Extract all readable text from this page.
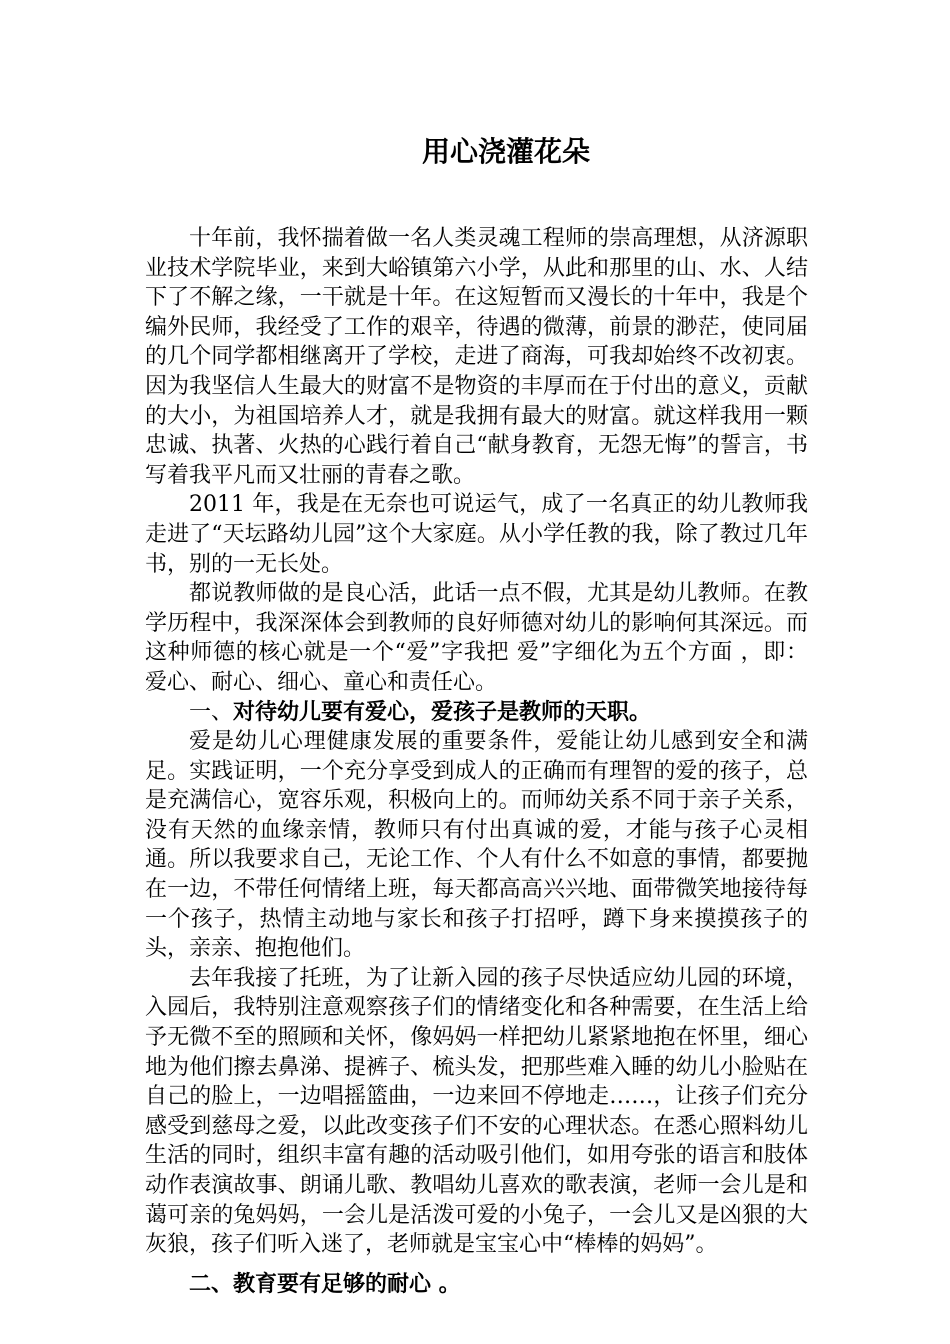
用心浇灌花朵

十年前，我怀揣着做一名人类灵魂工程师的崇高理想，从济源职业技术学院毕业，来到大峪镇第六小学，从此和那里的山、水、人结下了不解之缘，一干就是十年。在这短暂而又漫长的十年中，我是个编外民师，我经受了工作的艰辛，待遇的微薄，前景的渺茫，使同届的几个同学都相继离开了学校，走进了商海，可我却始终不改初衷。因为我坚信人生最大的财富不是物资的丰厚而在于付出的意义，贡献的大小，为祖国培养人才，就是我拥有最大的财富。就这样我用一颗忠诚、执著、火热的心践行着自己“献身教育，无怨无悔”的誓言，书写着我平凡而又壮丽的青春之歌。

2011 年，我是在无奈也可说运气，成了一名真正的幼儿教师我走进了“天坛路幼儿园”这个大家庭。从小学任教的我，除了教过几年书，别的一无长处。

都说教师做的是良心活，此话一点不假，尤其是幼儿教师。在教学历程中，我深深体会到教师的良好师德对幼儿的影响何其深远。而这种师德的核心就是一个“爱”字我把 爱”字细化为五个方面 ，即：爱心、耐心、细心、童心和责任心。

一、对待幼儿要有爱心，爱孩子是教师的天职。

爱是幼儿心理健康发展的重要条件，爱能让幼儿感到安全和满足。实践证明，一个充分享受到成人的正确而有理智的爱的孩子，总是充满信心，宽容乐观，积极向上的。而师幼关系不同于亲子关系，没有天然的血缘亲情，教师只有付出真诚的爱，才能与孩子心灵相通。所以我要求自己，无论工作、个人有什么不如意的事情，都要抛在一边，不带任何情绪上班，每天都高高兴兴地、面带微笑地接待每一个孩子，热情主动地与家长和孩子打招呼，蹲下身来摸摸孩子的头，亲亲、抱抱他们。

去年我接了托班，为了让新入园的孩子尽快适应幼儿园的环境，入园后，我特别注意观察孩子们的情绪变化和各种需要，在生活上给予无微不至的照顾和关怀，像妈妈一样把幼儿紧紧地抱在怀里，细心地为他们擦去鼻涕、提裤子、梳头发，把那些难入睡的幼儿小脸贴在自己的脸上，一边唱摇篮曲，一边来回不停地走……，让孩子们充分感受到慈母之爱，以此改变孩子们不安的心理状态。在悉心照料幼儿生活的同时，组织丰富有趣的活动吸引他们，如用夸张的语言和肢体动作表演故事、朗诵儿歌、教唱幼儿喜欢的歌表演，老师一会儿是和蔼可亲的兔妈妈，一会儿是活泼可爱的小兔子，一会儿又是凶狠的大灰狼，孩子们听入迷了，老师就是宝宝心中“棒棒的妈妈”。

二、教育要有足够的耐心 。
